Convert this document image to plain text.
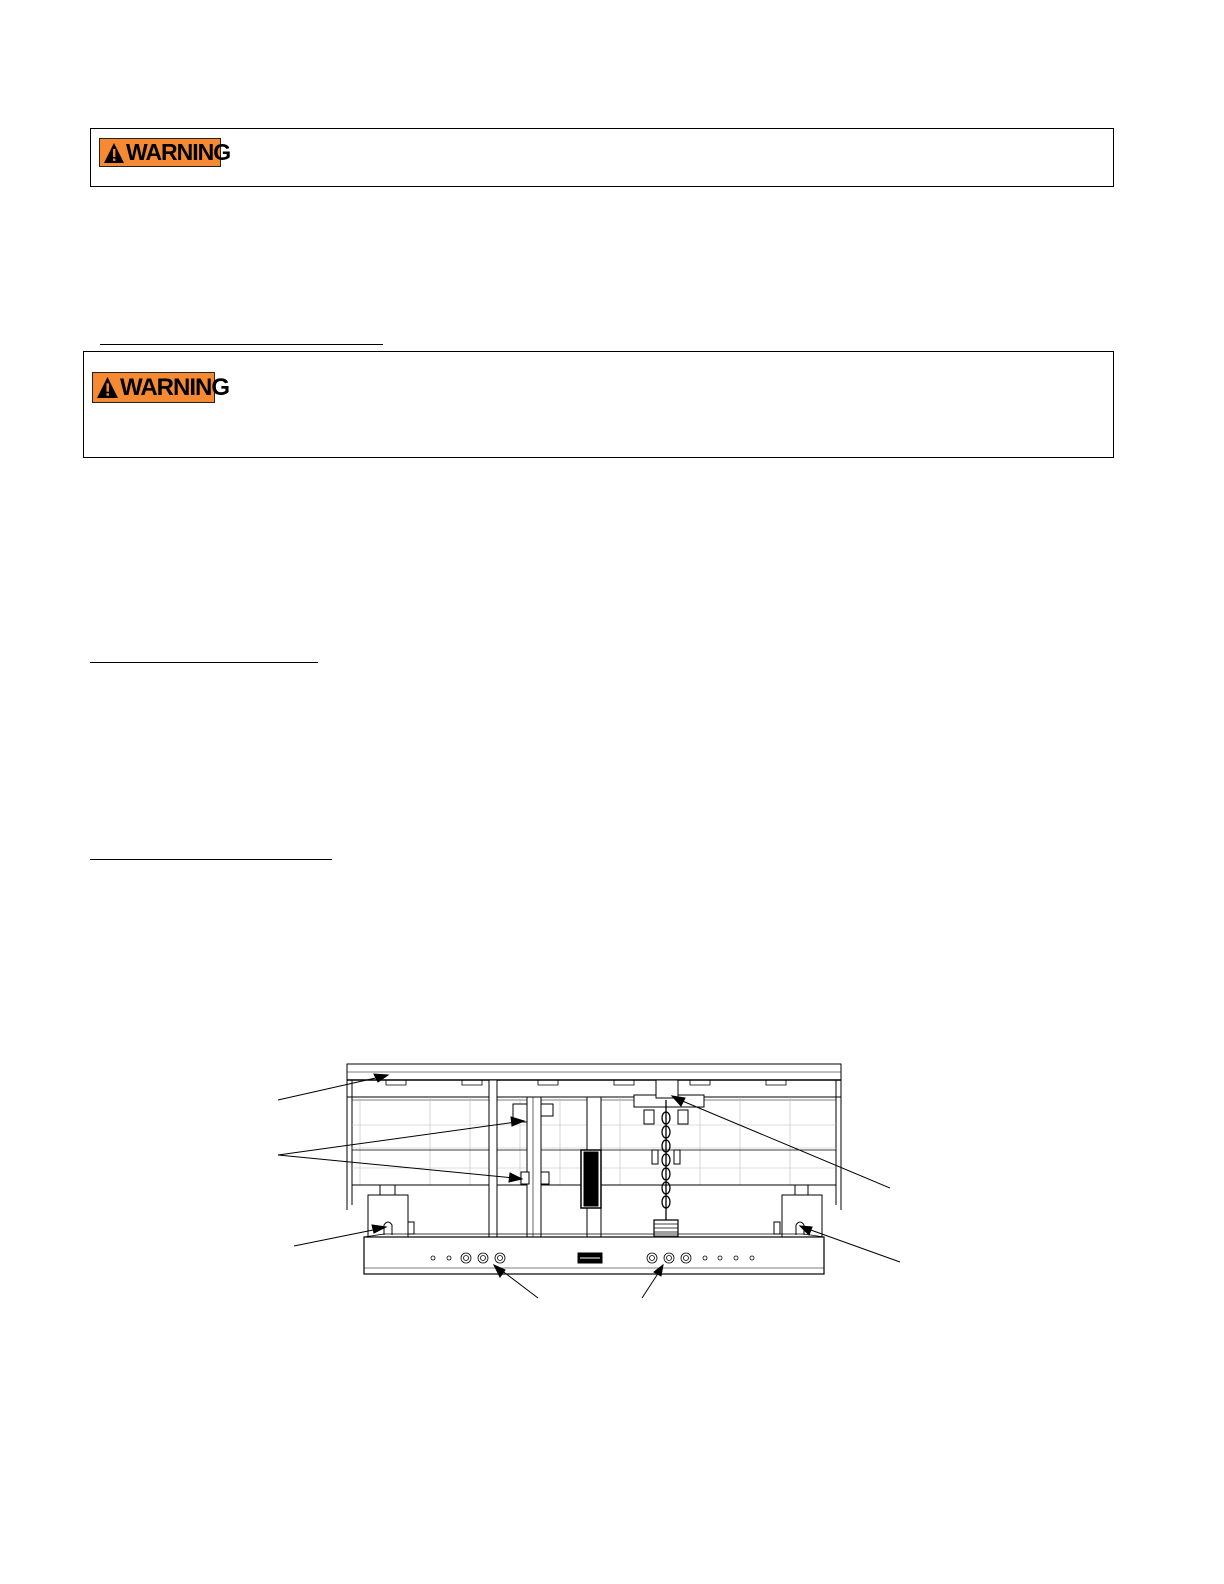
WARNING
WARNING
